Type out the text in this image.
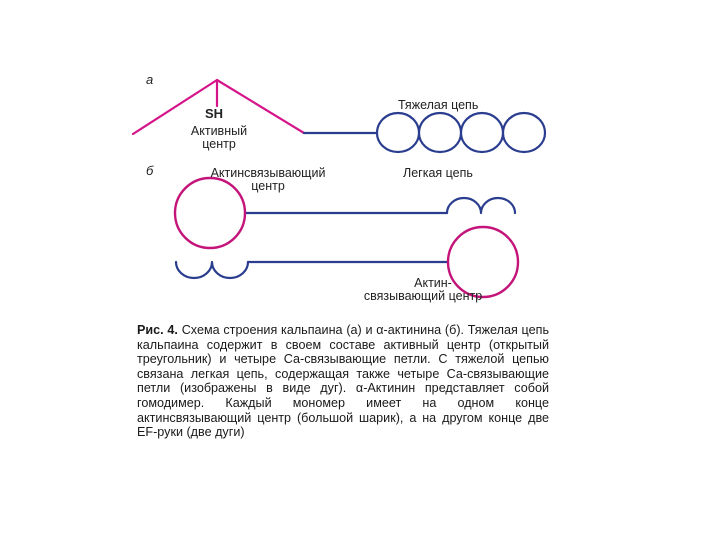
а
б
SH
Активный
центр
Тяжелая цепь
Легкая цепь
Актинсвязывающий
центр
Актин-
связывающий центр

Рис. 4. Схема строения кальпаина (а) и α-актинина (б). Тяжелая цепь кальпаина содержит в своем составе активный центр (открытый треугольник) и четыре Са-связывающие петли. С тяжелой цепью связана легкая цепь, содержащая также четыре Са-связывающие петли (изображены в виде дуг). α-Актинин представляет собой гомодимер. Каждый мономер имеет на одном конце актинсвязывающий центр (большой шарик), а на другом конце две EF-руки (две дуги)
